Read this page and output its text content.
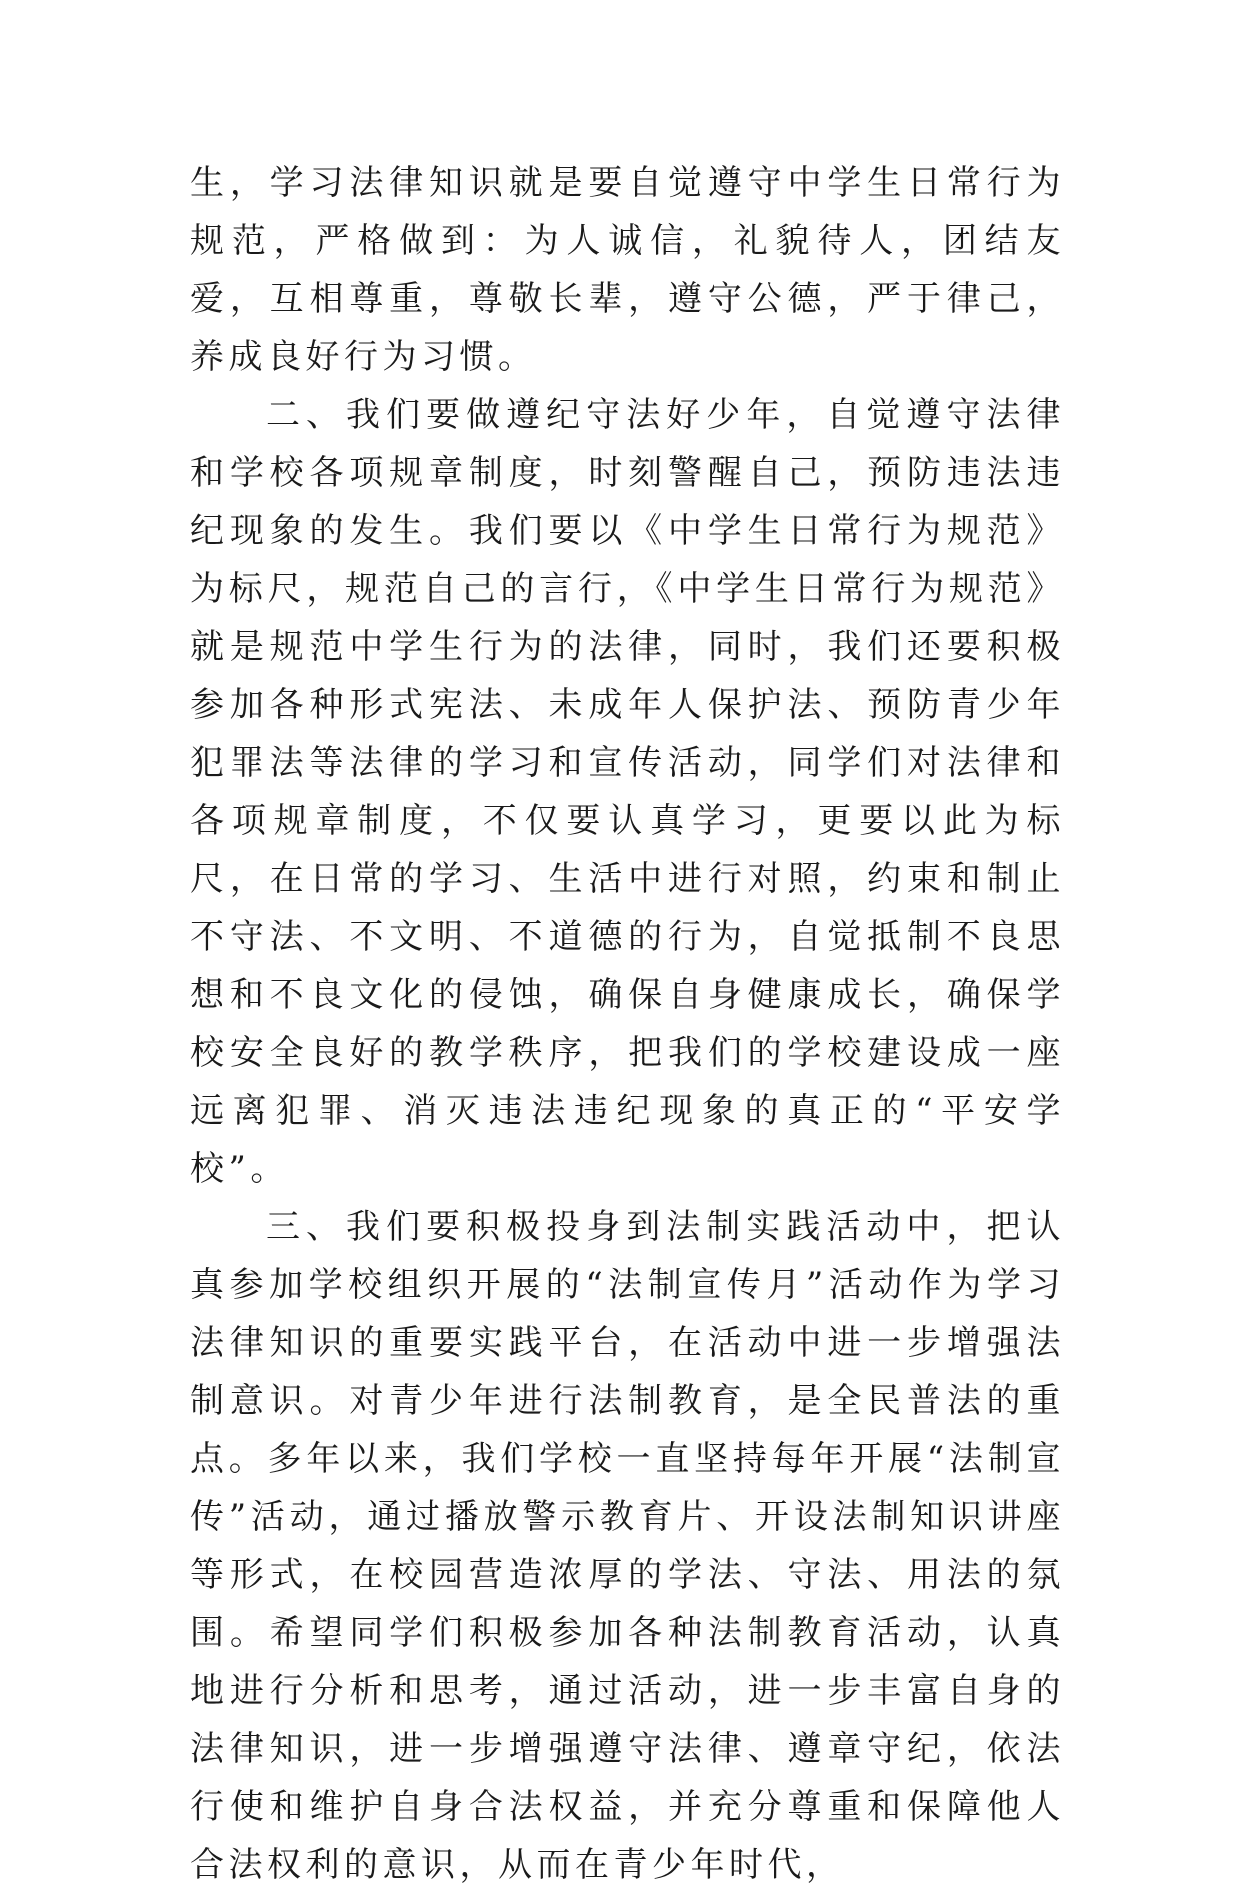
生，学习法律知识就是要自觉遵守中学生日常行为规范，严格做到：为人诚信，礼貌待人，团结友爱，互相尊重，尊敬长辈，遵守公德，严于律己，养成良好行为习惯。

二、我们要做遵纪守法好少年，自觉遵守法律和学校各项规章制度，时刻警醒自己，预防违法违纪现象的发生。我们要以《中学生日常行为规范》为标尺，规范自己的言行，《中学生日常行为规范》就是规范中学生行为的法律，同时，我们还要积极参加各种形式宪法、未成年人保护法、预防青少年犯罪法等法律的学习和宣传活动，同学们对法律和各项规章制度，不仅要认真学习，更要以此为标尺，在日常的学习、生活中进行对照，约束和制止不守法、不文明、不道德的行为，自觉抵制不良思想和不良文化的侵蚀，确保自身健康成长，确保学校安全良好的教学秩序，把我们的学校建设成一座远离犯罪、消灭违法违纪现象的真正的“平安学校”。

三、我们要积极投身到法制实践活动中，把认真参加学校组织开展的“法制宣传月”活动作为学习法律知识的重要实践平台，在活动中进一步增强法制意识。对青少年进行法制教育，是全民普法的重点。多年以来，我们学校一直坚持每年开展“法制宣传”活动，通过播放警示教育片、开设法制知识讲座等形式，在校园营造浓厚的学法、守法、用法的氛围。希望同学们积极参加各种法制教育活动，认真地进行分析和思考，通过活动，进一步丰富自身的法律知识，进一步增强遵守法律、遵章守纪，依法行使和维护自身合法权益，并充分尊重和保障他人合法权利的意识，从而在青少年时代，
